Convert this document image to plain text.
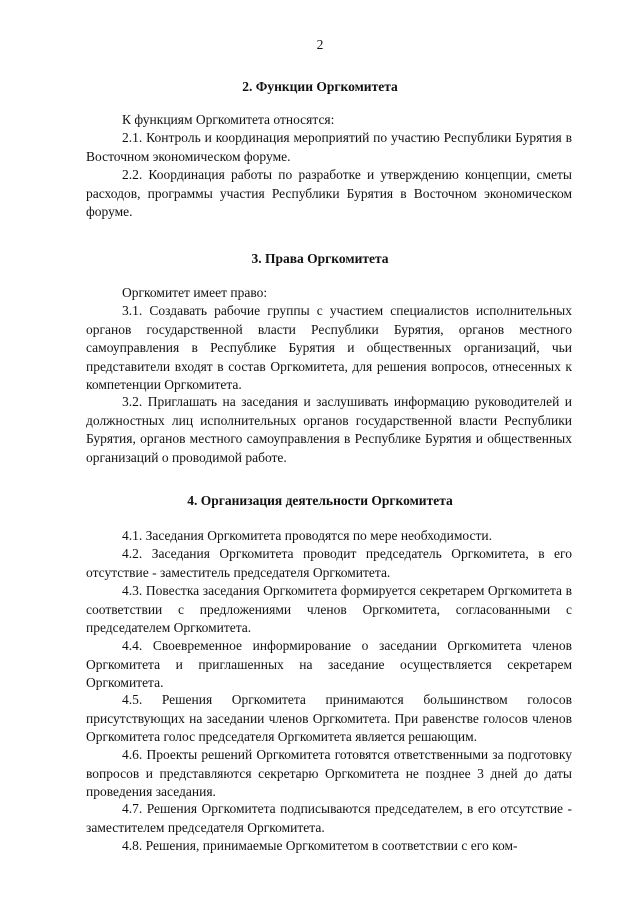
2
2. Функции Оргкомитета

К функциям Оргкомитета относятся:

2.1. Контроль и координация мероприятий по участию Республики Бурятия в Восточном экономическом форуме.

2.2. Координация работы по разработке и утверждению концепции, сметы расходов, программы участия Республики Бурятия в Восточном экономическом форуме.

3. Права Оргкомитета

Оргкомитет имеет право:

3.1. Создавать рабочие группы с участием специалистов исполнительных органов государственной власти Республики Бурятия, органов местного самоуправления в Республике Бурятия и общественных организаций, чьи представители входят в состав Оргкомитета, для решения вопросов, отнесенных к компетенции Оргкомитета.

3.2. Приглашать на заседания и заслушивать информацию руководителей и должностных лиц исполнительных органов государственной власти Республики Бурятия, органов местного самоуправления в Республике Бурятия и общественных организаций о проводимой работе.

4. Организация деятельности Оргкомитета

4.1. Заседания Оргкомитета проводятся по мере необходимости.

4.2. Заседания Оргкомитета проводит председатель Оргкомитета, в его отсутствие - заместитель председателя Оргкомитета.

4.3. Повестка заседания Оргкомитета формируется секретарем Оргкомитета в соответствии с предложениями членов Оргкомитета, согласованными с председателем Оргкомитета.

4.4. Своевременное информирование о заседании Оргкомитета членов Оргкомитета и приглашенных на заседание осуществляется секретарем Оргкомитета.

4.5. Решения Оргкомитета принимаются большинством голосов присутствующих на заседании членов Оргкомитета. При равенстве голосов членов Оргкомитета голос председателя Оргкомитета является решающим.

4.6. Проекты решений Оргкомитета готовятся ответственными за подготовку вопросов и представляются секретарю Оргкомитета не позднее 3 дней до даты проведения заседания.

4.7. Решения Оргкомитета подписываются председателем, в его отсутствие - заместителем председателя Оргкомитета.

4.8. Решения, принимаемые Оргкомитетом в соответствии с его ком-
